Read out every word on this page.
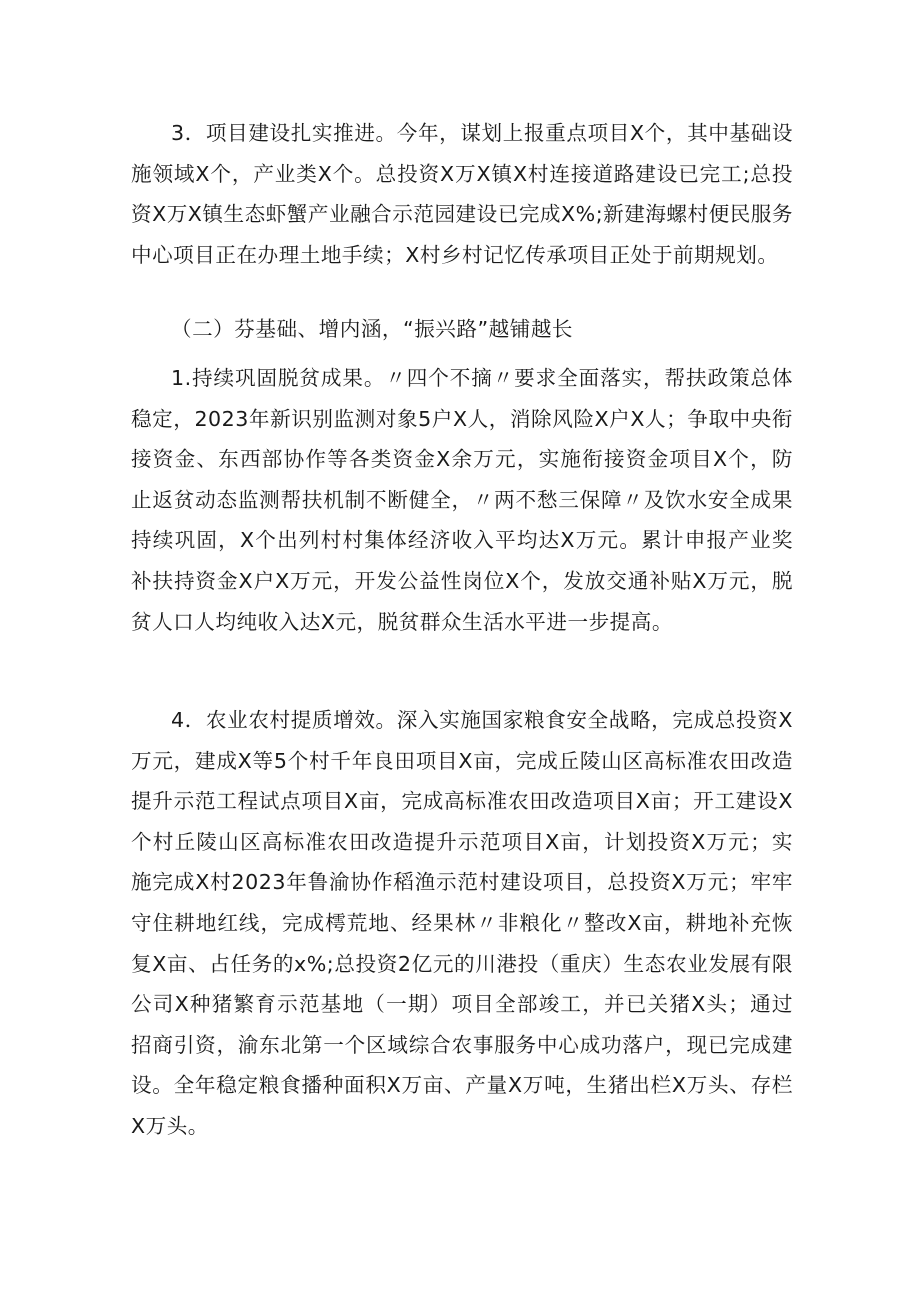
3．项目建设扎实推进。今年，谋划上报重点项目X个，其中基础设施领域X个，产业类X个。总投资X万X镇X村连接道路建设已完工;总投资X万X镇生态虾蟹产业融合示范园建设已完成X%;新建海螺村便民服务中心项目正在办理土地手续；X村乡村记忆传承项目正处于前期规划。

（二）芬基础、增内涵，“振兴路”越铺越长

1.持续巩固脱贫成果。〃四个不摘〃要求全面落实，帮扶政策总体稳定，2023年新识别监测对象5户X人，消除风险X户X人；争取中央衔接资金、东西部协作等各类资金X余万元，实施衔接资金项目X个，防止返贫动态监测帮扶机制不断健全，〃两不愁三保障〃及饮水安全成果持续巩固，X个出列村村集体经济收入平均达X万元。累计申报产业奖补扶持资金X户X万元，开发公益性岗位X个，发放交通补贴X万元，脱贫人口人均纯收入达X元，脱贫群众生活水平进一步提高。

4．农业农村提质增效。深入实施国家粮食安全战略，完成总投资X万元，建成X等5个村千年良田项目X亩，完成丘陵山区高标准农田改造提升示范工程试点项目X亩，完成高标准农田改造项目X亩；开工建设X个村丘陵山区高标准农田改造提升示范项目X亩，计划投资X万元；实施完成X村2023年鲁渝协作稻渔示范村建设项目，总投资X万元；牢牢守住耕地红线，完成樗荒地、经果林〃非粮化〃整改X亩，耕地补充恢复X亩、占任务的x%;总投资2亿元的川港投（重庆）生态农业发展有限公司X种猪繁育示范基地（一期）项目全部竣工，并已关猪X头；通过招商引资，渝东北第一个区域综合农事服务中心成功落户，现已完成建设。全年稳定粮食播种面积X万亩、产量X万吨，生猪出栏X万头、存栏X万头。
